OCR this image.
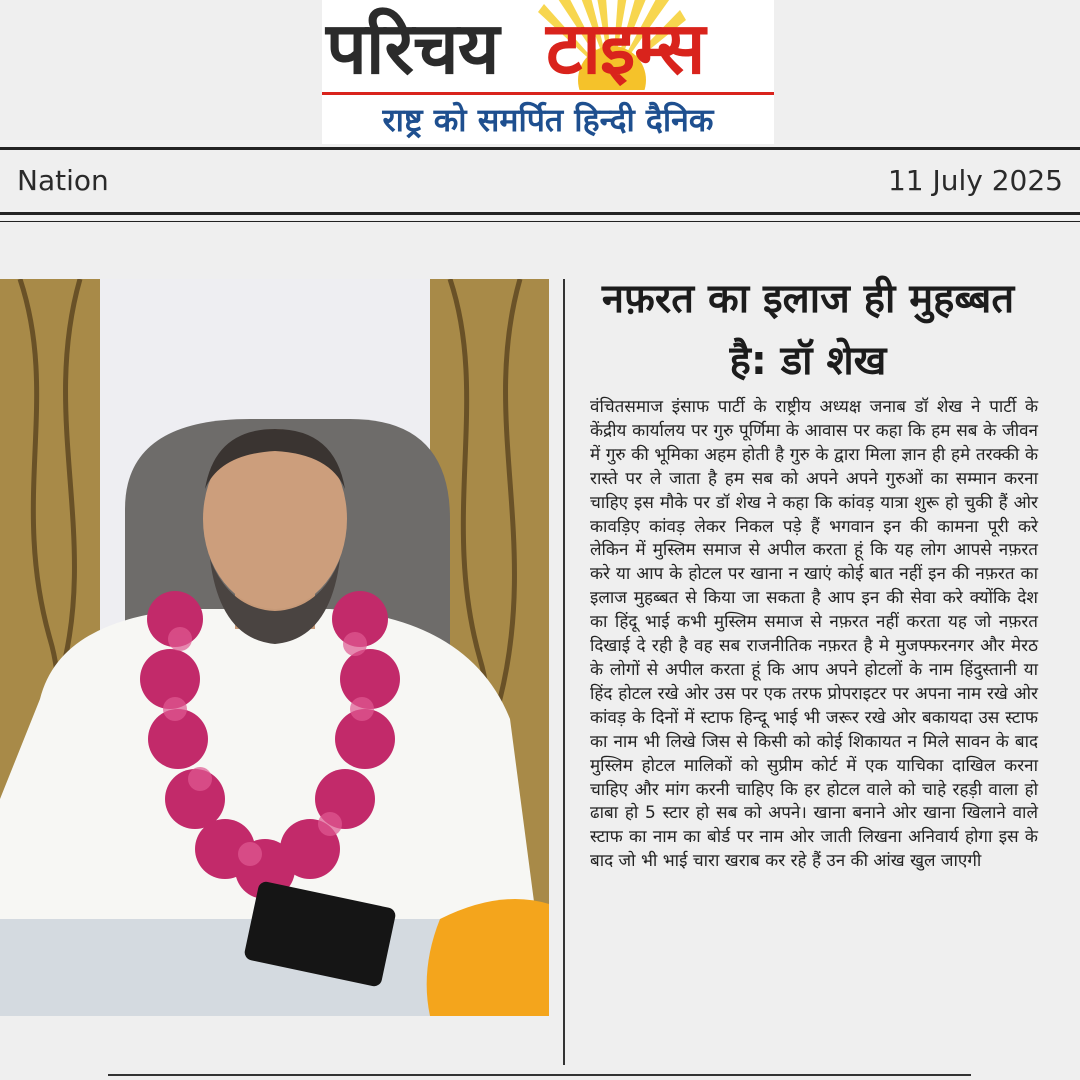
परिचय टाइम्स
राष्ट्र को समर्पित हिन्दी दैनिक
Nation	11 July 2025
नफ़रत का इलाज ही मुहब्बत है: डॉ शेख
वंचितसमाज इंसाफ पार्टी के राष्ट्रीय अध्यक्ष जनाब डॉ शेख ने पार्टी के केंद्रीय कार्यालय पर गुरु पूर्णिमा के आवास पर कहा कि हम सब के जीवन में गुरु की भूमिका अहम होती है गुरु के द्वारा मिला ज्ञान ही हमे तरक्की के रास्ते पर ले जाता है हम सब को अपने अपने गुरुओं का सम्मान करना चाहिए इस मौके पर डॉ शेख ने कहा कि कांवड़ यात्रा शुरू हो चुकी हैं ओर कावड़िए कांवड़ लेकर निकल पड़े हैं भगवान इन की कामना पूरी करे लेकिन में मुस्लिम समाज से अपील करता हूं कि यह लोग आपसे नफ़रत करे या आप के होटल पर खाना न खाएं कोई बात नहीं इन की नफ़रत का इलाज मुहब्बत से किया जा सकता है आप इन की सेवा करे क्योंकि देश का हिंदू भाई कभी मुस्लिम समाज से नफ़रत नहीं करता यह जो नफ़रत दिखाई दे रही है वह सब राजनीतिक नफ़रत है मे मुजफ्फरनगर और मेरठ के लोगों से अपील करता हूं कि आप अपने होटलों के नाम हिंदुस्तानी या हिंद होटल रखे ओर उस पर एक तरफ प्रोपराइटर पर अपना नाम रखे ओर कांवड़ के दिनों में स्टाफ हिन्दू भाई भी जरूर रखे ओर बकायदा उस स्टाफ का नाम भी लिखे जिस से किसी को कोई शिकायत न मिले सावन के बाद मुस्लिम होटल मालिकों को सुप्रीम कोर्ट में एक याचिका दाखिल करना चाहिए और मांग करनी चाहिए कि हर होटल वाले को चाहे रहड़ी वाला हो ढाबा हो 5 स्टार हो सब को अपने। खाना बनाने ओर खाना खिलाने वाले स्टाफ का नाम का बोर्ड पर नाम ओर जाती लिखना अनिवार्य होगा इस के बाद जो भी भाई चारा खराब कर रहे हैं उन की आंख खुल जाएगी
